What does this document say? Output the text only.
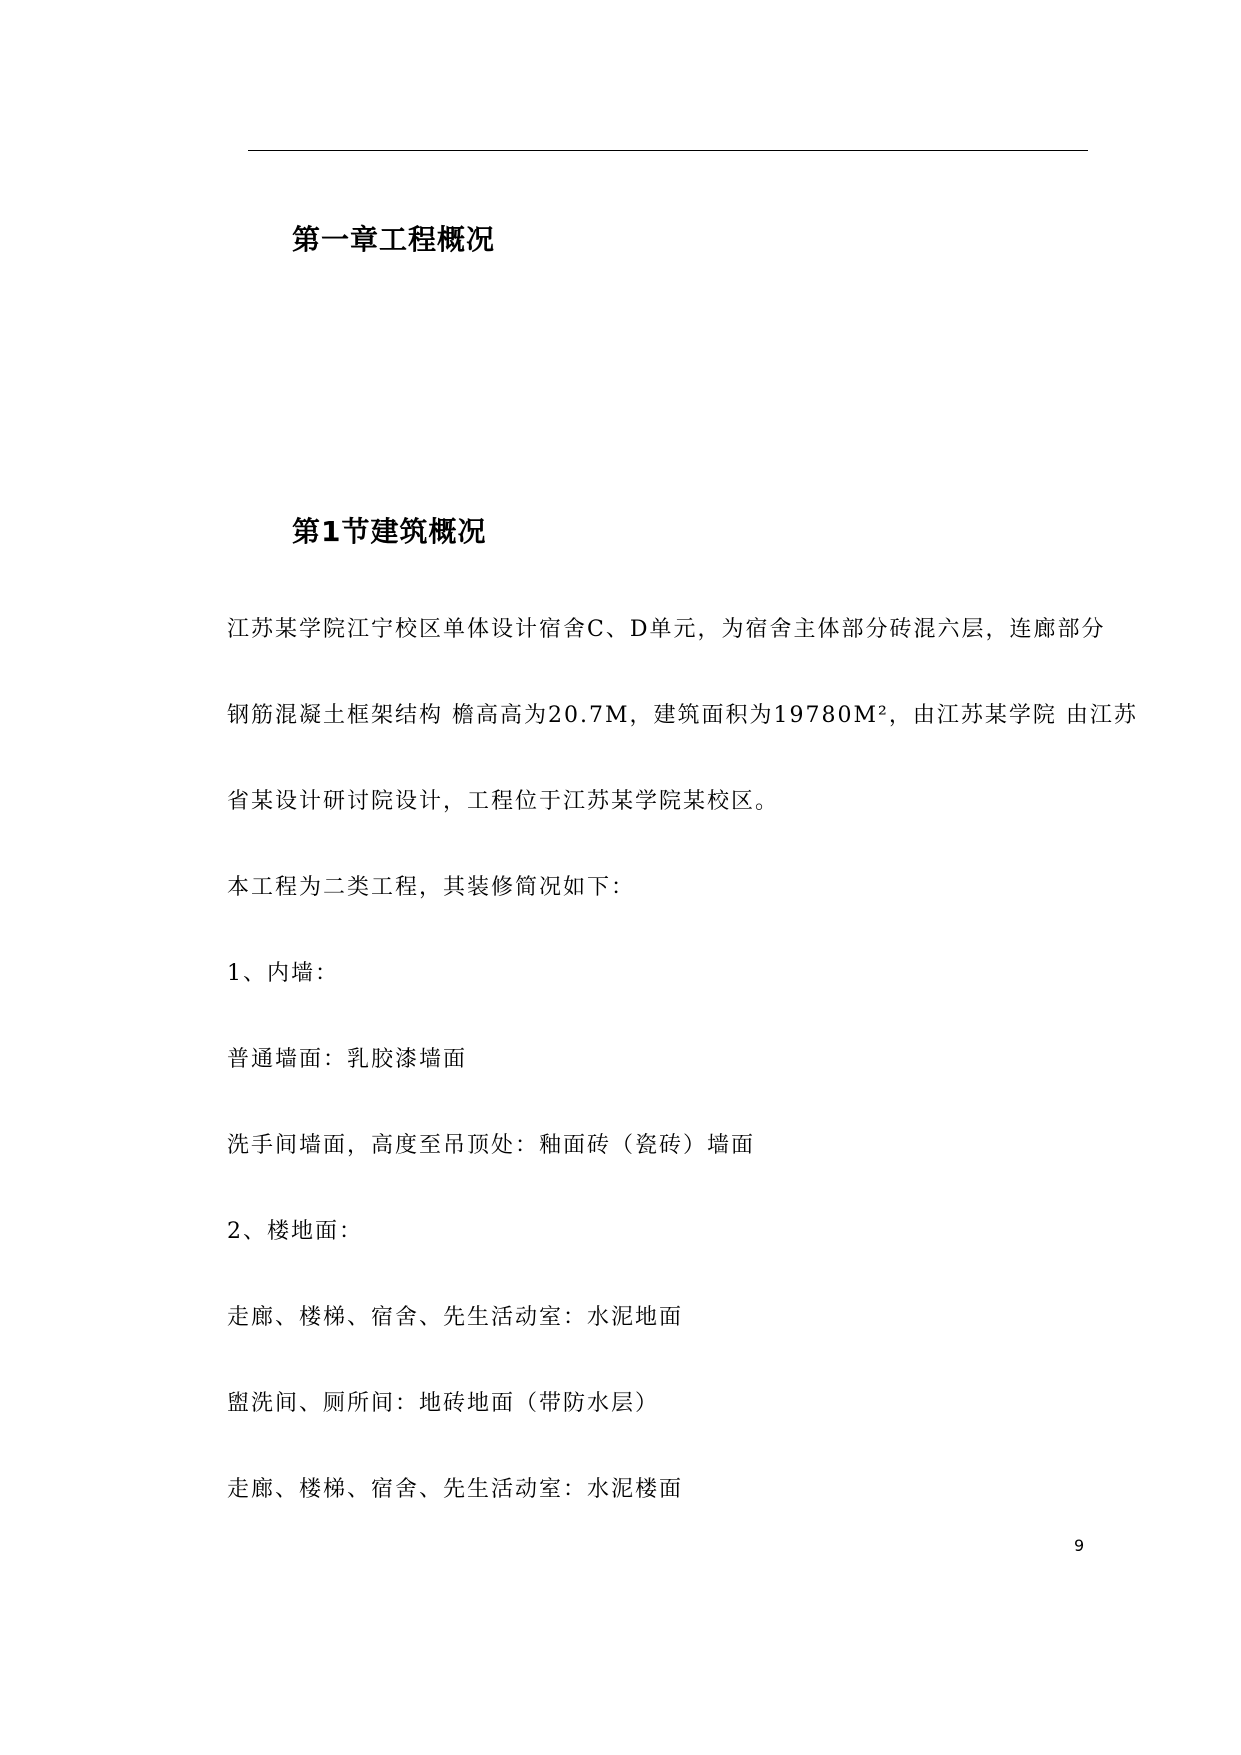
第一章工程概况
第1节建筑概况
江苏某学院江宁校区单体设计宿舍C、D单元，为宿舍主体部分砖混六层，连廊部分
钢筋混凝土框架结构 檐高高为20.7M，建筑面积为19780M²，由江苏某学院 由江苏
省某设计研讨院设计，工程位于江苏某学院某校区。
本工程为二类工程，其装修简况如下：
1、内墙：
普通墙面：乳胶漆墙面
洗手间墙面，高度至吊顶处：釉面砖（瓷砖）墙面
2、楼地面：
走廊、楼梯、宿舍、先生活动室：水泥地面
盥洗间、厕所间：地砖地面（带防水层）
走廊、楼梯、宿舍、先生活动室：水泥楼面
9
